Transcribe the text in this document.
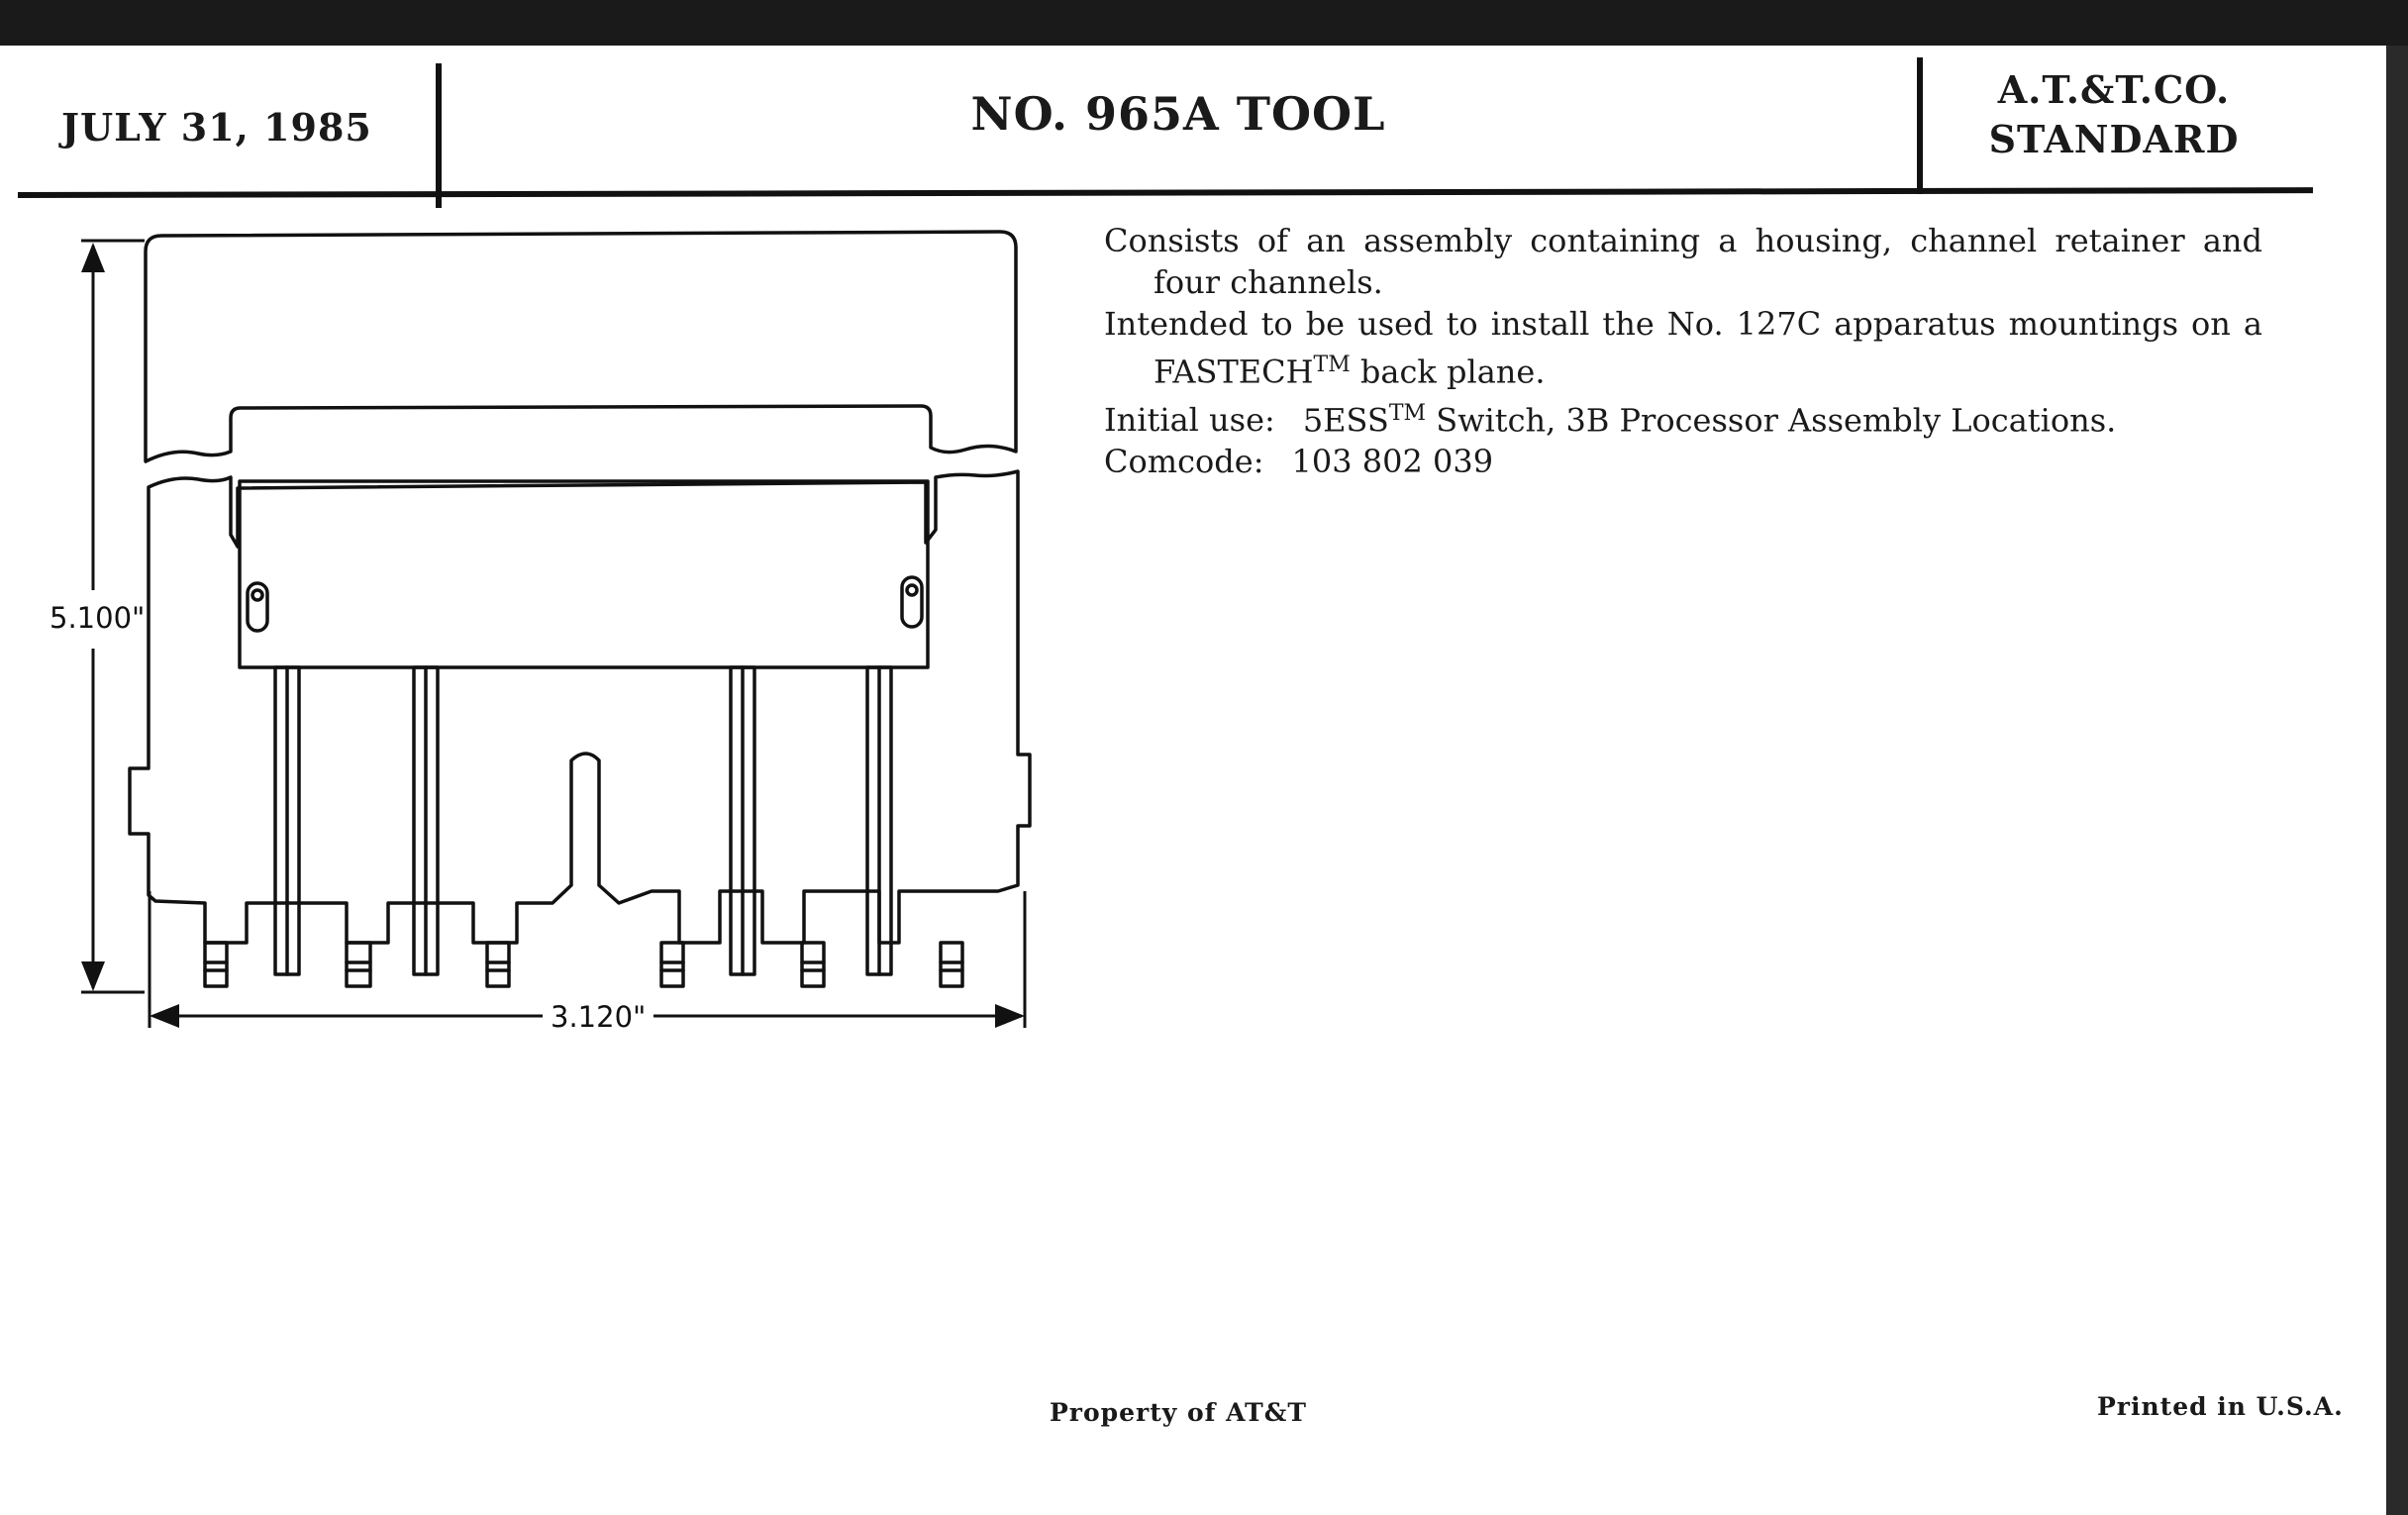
JULY 31, 1985	NO. 965A TOOL	A.T.&T.CO.
STANDARD
5.100"
3.120"

Consists of an assembly containing a housing, channel retainer and four channels.

Intended to be used to install the No. 127C apparatus mountings on a FASTECH™ back plane.

Initial use: 5ESS™ Switch, 3B Processor Assembly Locations.
Comcode: 103 802 039
Property of AT&T	Printed in U.S.A.
